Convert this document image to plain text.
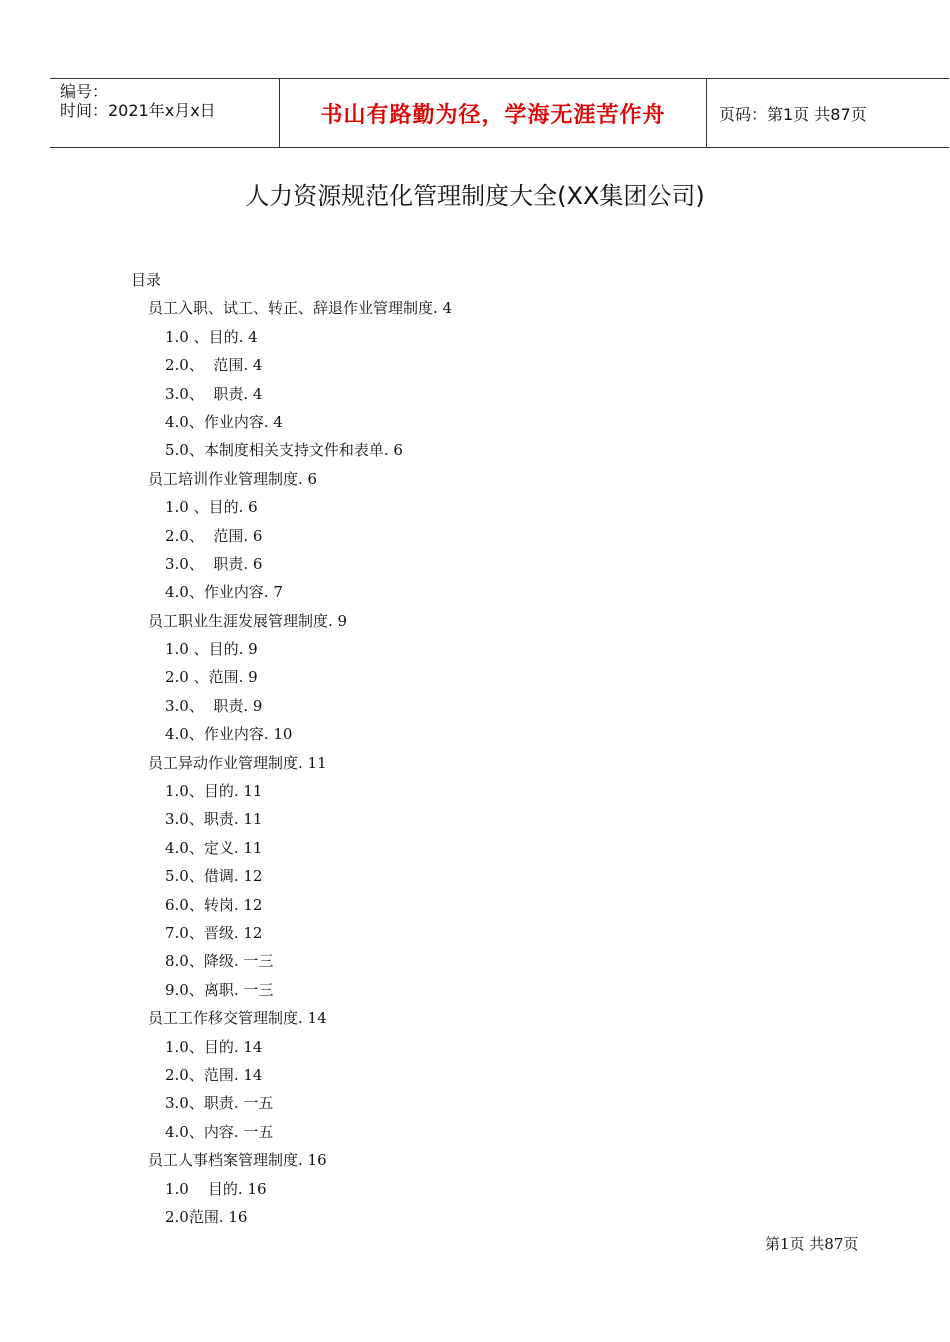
编号：
时间：2021年x月x日	书山有路勤为径，学海无涯苦作舟	页码：第1页 共87页
人力资源规范化管理制度大全(XX集团公司)
目录
员工入职、试工、转正、辞退作业管理制度. 4
1.0 、目的. 4
2.0、  范围. 4
3.0、  职责. 4
4.0、作业内容. 4
5.0、本制度相关支持文件和表单. 6
员工培训作业管理制度. 6
1.0 、目的. 6
2.0、  范围. 6
3.0、  职责. 6
4.0、作业内容. 7
员工职业生涯发展管理制度. 9
1.0 、目的. 9
2.0 、范围. 9
3.0、  职责. 9
4.0、作业内容. 10
员工异动作业管理制度. 11
1.0、目的. 11
3.0、职责. 11
4.0、定义. 11
5.0、借调. 12
6.0、转岗. 12
7.0、晋级. 12
8.0、降级. 一三
9.0、离职. 一三
员工工作移交管理制度. 14
1.0、目的. 14
2.0、范围. 14
3.0、职责. 一五
4.0、内容. 一五
员工人事档案管理制度. 16
1.0    目的. 16
2.0范围. 16
第1页 共87页
